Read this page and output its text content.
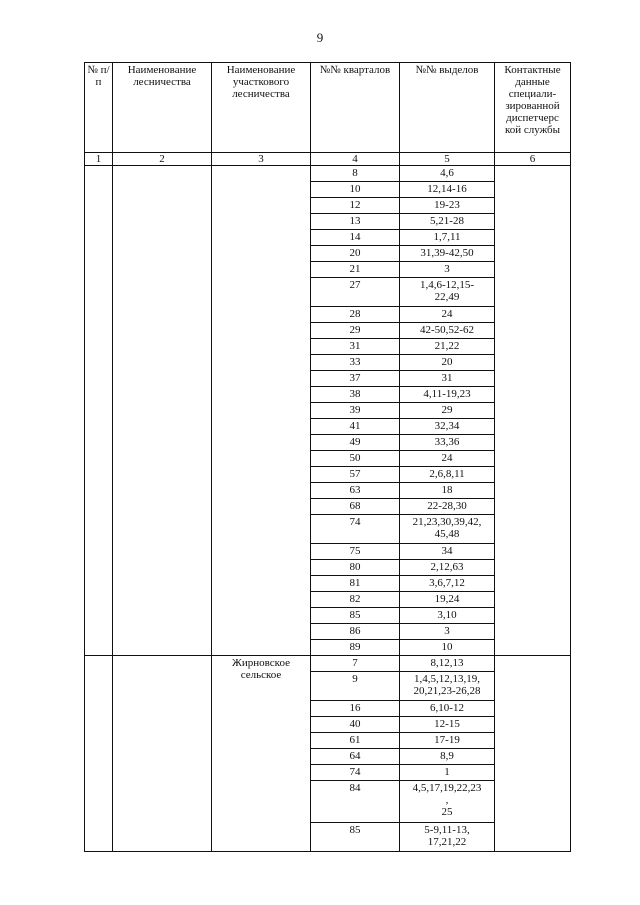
9
№ п/п	Наименование лесничества	Наименование участкового лесничества	№№ кварталов	№№ выделов	Контактные данные специали-зированной диспетчерс кой службы
1	2	3	4	5	6
			8	4,6	
			10	12,14-16	
			12	19-23	
			13	5,21-28	
			14	1,7,11	
			20	31,39-42,50	
			21	3	
			27	1,4,6-12,15-
22,49	
			28	24	
			29	42-50,52-62	
			31	21,22	
			33	20	
			37	31	
			38	4,11-19,23	
			39	29	
			41	32,34	
			49	33,36	
			50	24	
			57	2,6,8,11	
			63	18	
			68	22-28,30	
			74	21,23,30,39,42,
45,48	
			75	34	
			80	2,12,63	
			81	3,6,7,12	
			82	19,24	
			85	3,10	
			86	3	
			89	10	
		Жирновское сельское	7	8,12,13	
			9	1,4,5,12,13,19,
20,21,23-26,28	
			16	6,10-12	
			40	12-15	
			61	17-19	
			64	8,9	
			74	1	
			84	4,5,17,19,22,23
,
25	
			85	5-9,11-13,
17,21,22	
